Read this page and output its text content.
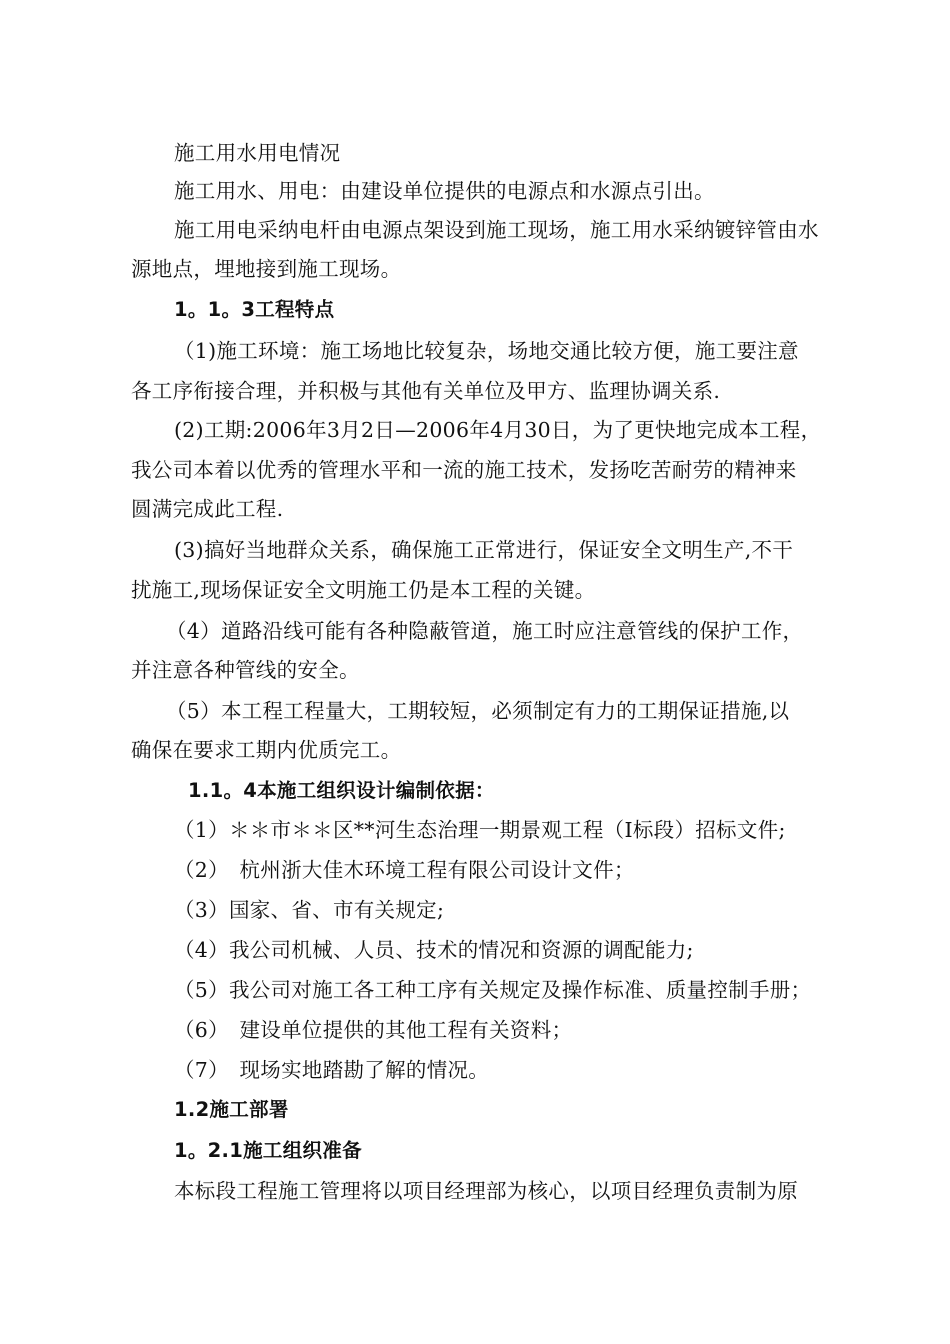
施工用水用电情况
施工用水、用电：由建设单位提供的电源点和水源点引出。
施工用电采纳电杆由电源点架设到施工现场，施工用水采纳镀锌管由水
源地点，埋地接到施工现场。
1。1。3工程特点
（1)施工环境：施工场地比较复杂，场地交通比较方便，施工要注意
各工序衔接合理，并积极与其他有关单位及甲方、监理协调关系.
(2)工期:2006年3月2日—2006年4月30日，为了更快地完成本工程，
我公司本着以优秀的管理水平和一流的施工技术，发扬吃苦耐劳的精神来
圆满完成此工程.
(3)搞好当地群众关系，确保施工正常进行，保证安全文明生产,不干
扰施工,现场保证安全文明施工仍是本工程的关键。
（4）道路沿线可能有各种隐蔽管道，施工时应注意管线的保护工作，
并注意各种管线的安全。
（5）本工程工程量大，工期较短，必须制定有力的工期保证措施,以
确保在要求工期内优质完工。
1.1。4本施工组织设计编制依据：
（1）＊＊市＊＊区**河生态治理一期景观工程（Ⅰ标段）招标文件;
（2）　杭州浙大佳木环境工程有限公司设计文件；
（3）国家、省、市有关规定;
（4）我公司机械、人员、技术的情况和资源的调配能力;
（5）我公司对施工各工种工序有关规定及操作标准、质量控制手册；
（6）　建设单位提供的其他工程有关资料；
（7）　现场实地踏勘了解的情况。
1.2施工部署
1。2.1施工组织准备
本标段工程施工管理将以项目经理部为核心，以项目经理负责制为原
